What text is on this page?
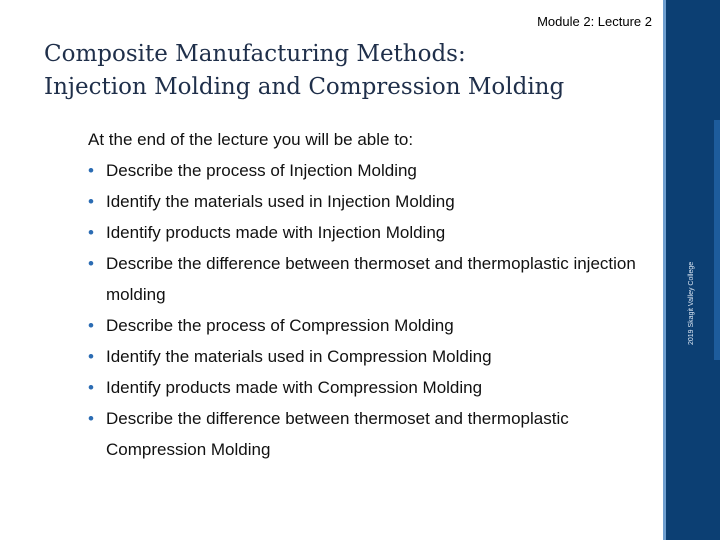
Module 2: Lecture 2
Composite Manufacturing Methods:
Injection Molding and Compression Molding
At the end of the lecture you will be able to:
• Describe the process of Injection Molding
• Identify the materials used in Injection Molding
• Identify products made with Injection Molding
• Describe the difference between thermoset and thermoplastic injection molding
• Describe the process of Compression Molding
• Identify the materials used in Compression Molding
• Identify products made with Compression Molding
• Describe the difference between thermoset and thermoplastic Compression Molding
2019 Skagit Valley College
